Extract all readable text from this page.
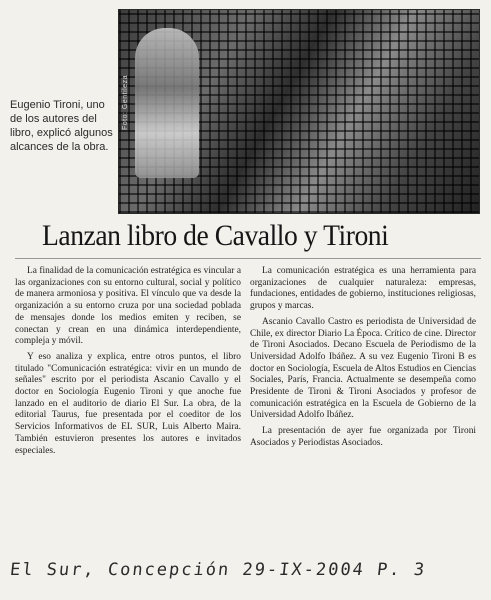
Foto: Gentileza
Eugenio Tironi, uno de los autores del libro, explicó algunos alcances de la obra.
Lanzan libro de Cavallo y Tironi

La finalidad de la comunicación estratégica es vincular a las organizaciones con su entorno cultural, social y político de manera armoniosa y positiva. El vínculo que va desde la organización a su entorno cruza por una sociedad poblada de mensajes donde los medios emiten y reciben, se conectan y crean en una dinámica interdependiente, compleja y móvil.

Y eso analiza y explica, entre otros puntos, el libro titulado "Comunicación estratégica: vivir en un mundo de señales" escrito por el periodista Ascanio Cavallo y el doctor en Sociología Eugenio Tironi y que anoche fue lanzado en el auditorio de diario El Sur. La obra, de la editorial Taurus, fue presentada por el coeditor de los Servicios Informativos de EL SUR, Luis Alberto Maira. También estuvieron presentes los autores e invitados especiales.

La comunicación estratégica es una herramienta para organizaciones de cualquier naturaleza: empresas, fundaciones, entidades de gobierno, instituciones religiosas, grupos y marcas.

Ascanio Cavallo Castro es periodista de Universidad de Chile, ex director Diario La Época. Crítico de cine. Director de Tironi Asociados. Decano Escuela de Periodismo de la Universidad Adolfo Ibáñez. A su vez Eugenio Tironi B es doctor en Sociología, Escuela de Altos Estudios en Ciencias Sociales, París, Francia. Actualmente se desempeña como Presidente de Tironi & Tironi Asociados y profesor de comunicación estratégica en la Escuela de Gobierno de la Universidad Adolfo Ibáñez.

La presentación de ayer fue organizada por Tironi Asociados y Periodistas Asociados.

El Sur, Concepción 29-IX-2004 P. 3
